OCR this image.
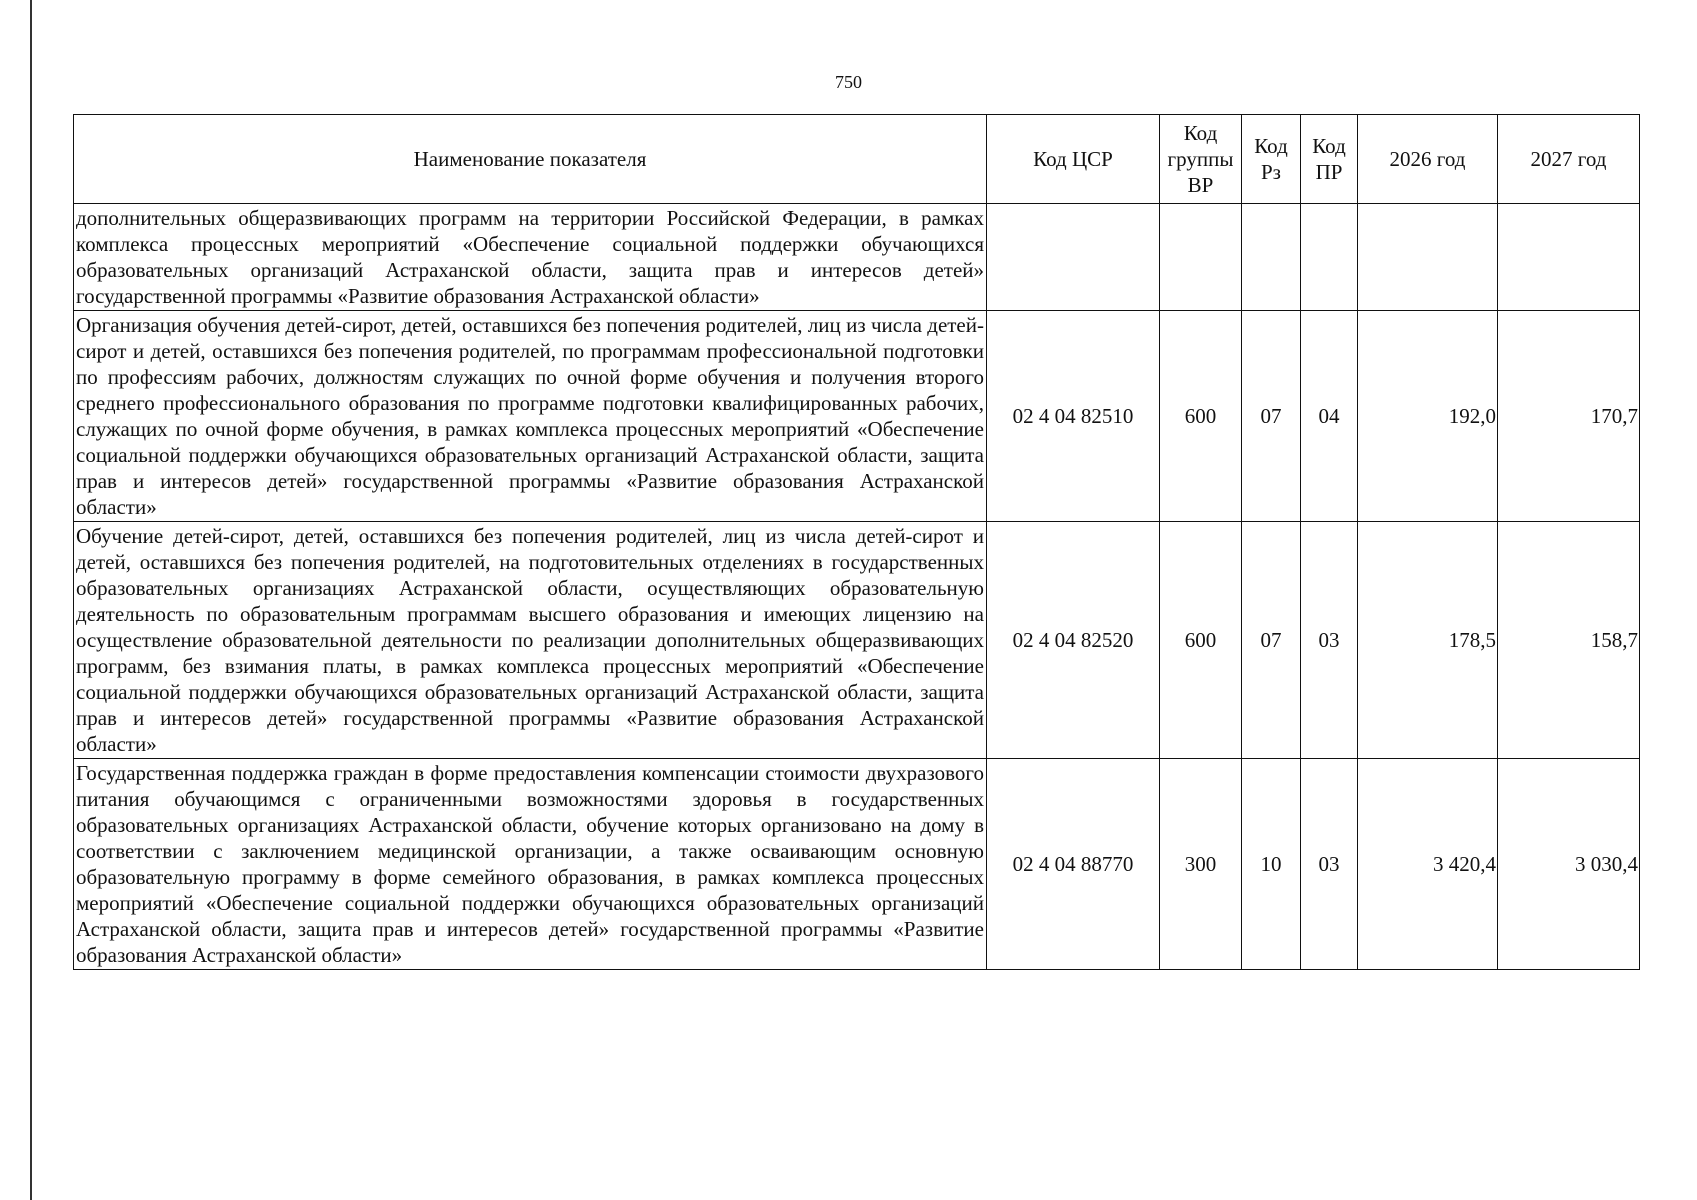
750
Наименование показателя	Код ЦСР	Код группы ВР	Код Рз	Код ПР	2026 год	2027 год
дополнительных общеразвивающих программ на территории Российской Федерации, в рамках комплекса процессных мероприятий «Обеспечение социальной поддержки обучающихся образовательных организаций Астраханской области, защита прав и интересов детей» государственной программы «Развитие образования Астраханской области»						
Организация обучения детей-сирот, детей, оставшихся без попечения родителей, лиц из числа детей-сирот и детей, оставшихся без попечения родителей, по программам профессиональной подготовки по профессиям рабочих, должностям служащих по очной форме обучения и получения второго среднего профессионального образования по программе подготовки квалифицированных рабочих, служащих по очной форме обучения, в рамках комплекса процессных мероприятий «Обеспечение социальной поддержки обучающихся образовательных организаций Астраханской области, защита прав и интересов детей» государственной программы «Развитие образования Астраханской области»	02 4 04 82510	600	07	04	192,0	170,7
Обучение детей-сирот, детей, оставшихся без попечения родителей, лиц из числа детей-сирот и детей, оставшихся без попечения родителей, на подготовительных отделениях в государственных образовательных организациях Астраханской области, осуществляющих образовательную деятельность по образовательным программам высшего образования и имеющих лицензию на осуществление образовательной деятельности по реализации дополнительных общеразвивающих программ, без взимания платы, в рамках комплекса процессных мероприятий «Обеспечение социальной поддержки обучающихся образовательных организаций Астраханской области, защита прав и интересов детей» государственной программы «Развитие образования Астраханской области»	02 4 04 82520	600	07	03	178,5	158,7
Государственная поддержка граждан в форме предоставления компенсации стоимости двухразового питания обучающимся с ограниченными возможностями здоровья в государственных образовательных организациях Астраханской области, обучение которых организовано на дому в соответствии с заключением медицинской организации, а также осваивающим основную образовательную программу в форме семейного образования, в рамках комплекса процессных мероприятий «Обеспечение социальной поддержки обучающихся образовательных организаций Астраханской области, защита прав и интересов детей» государственной программы «Развитие образования Астраханской области»	02 4 04 88770	300	10	03	3 420,4	3 030,4
